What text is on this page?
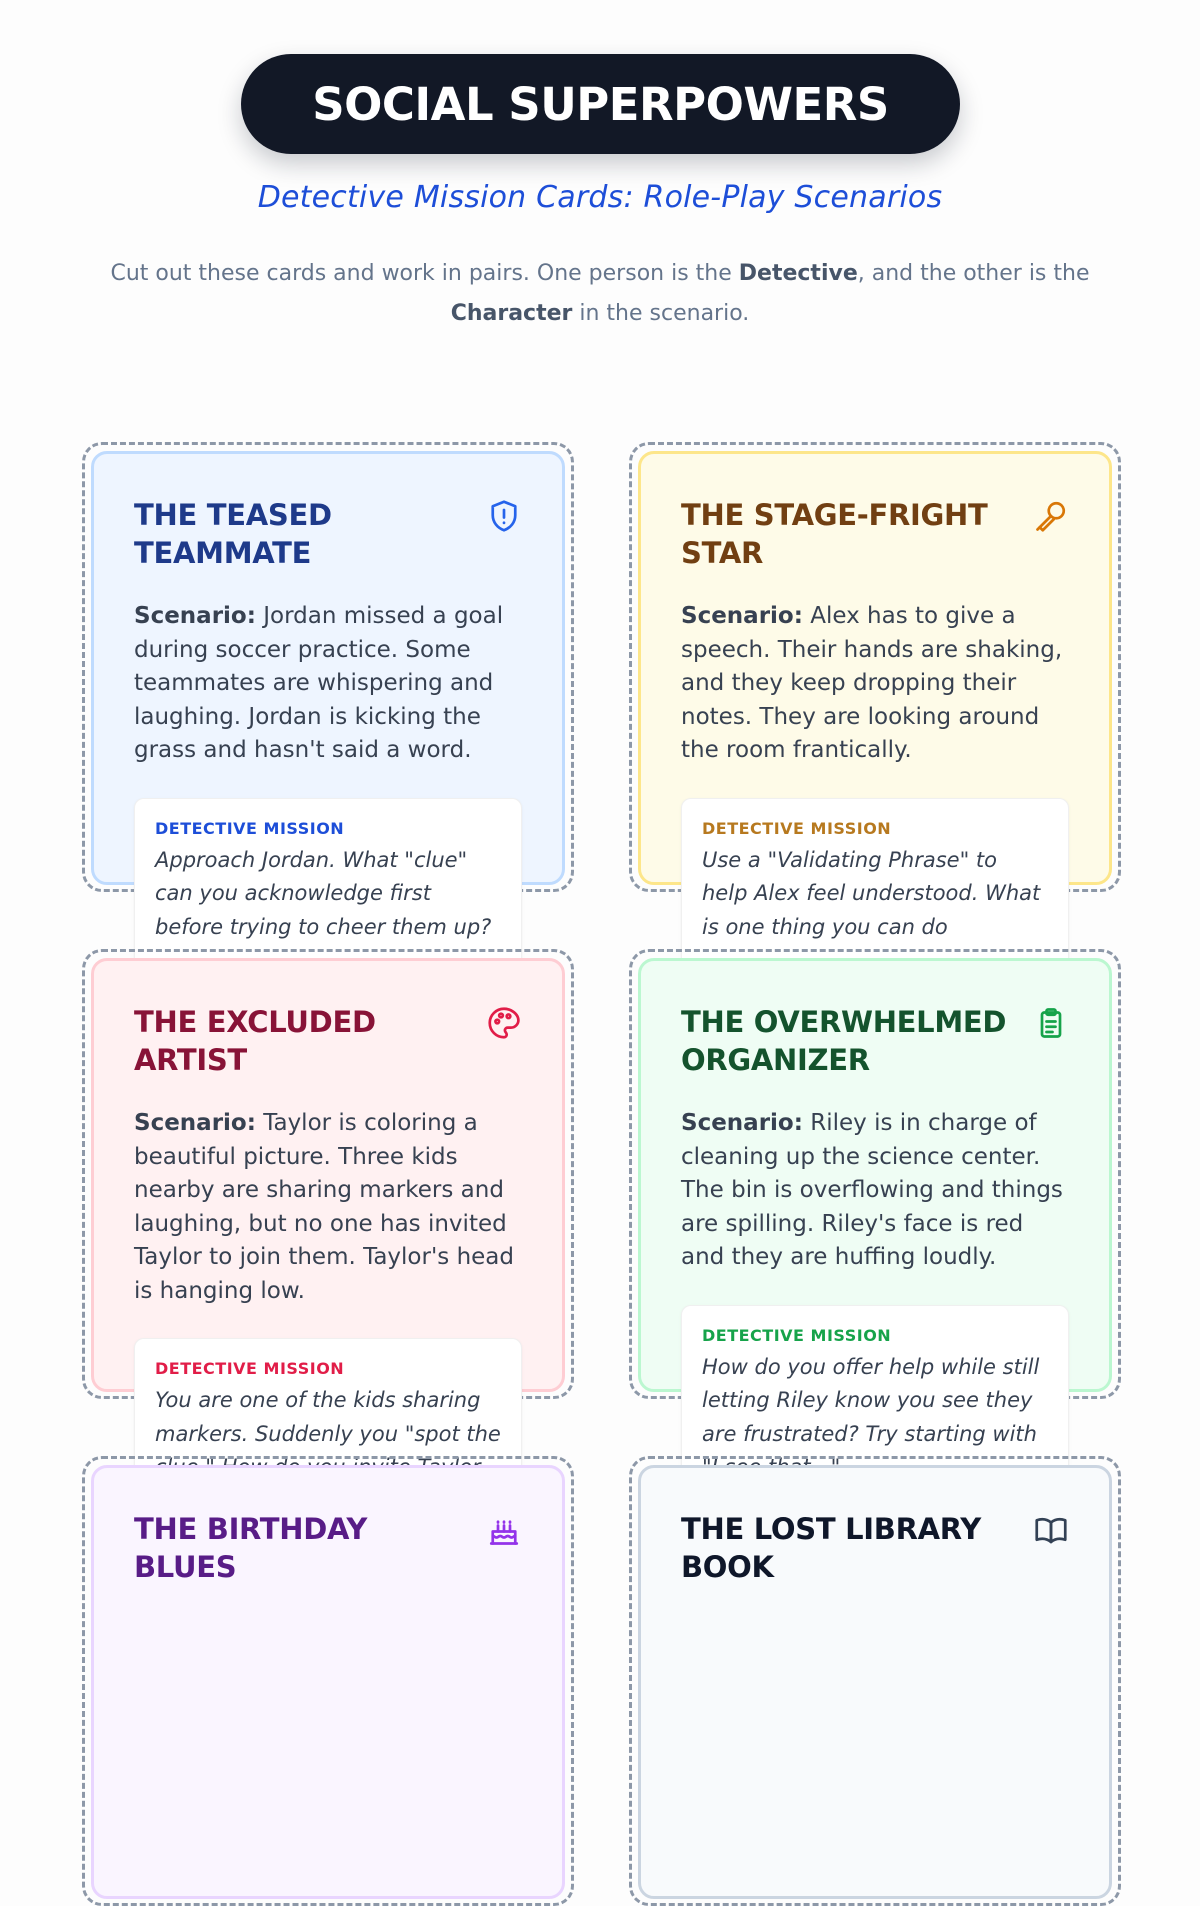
SOCIAL SUPERPOWERS
Detective Mission Cards: Role-Play Scenarios

Cut out these cards and work in pairs. One person is the Detective, and the other is the
Character in the scenario.

THE TEASED TEAMMATE

Scenario: Jordan missed a goal during soccer practice. Some teammates are whispering and laughing. Jordan is kicking the grass and hasn't said a word.

DETECTIVE MISSION

Approach Jordan. What "clue" can you acknowledge first before trying to cheer them up?

THE STAGE-FRIGHT STAR

Scenario: Alex has to give a speech. Their hands are shaking, and they keep dropping their notes. They are looking around the room frantically.

DETECTIVE MISSION

Use a "Validating Phrase" to help Alex feel understood. What is one thing you can do

THE EXCLUDED ARTIST

Scenario: Taylor is coloring a beautiful picture. Three kids nearby are sharing markers and laughing, but no one has invited Taylor to join them. Taylor's head is hanging low.

DETECTIVE MISSION

You are one of the kids sharing markers. Suddenly you "spot the

THE OVERWHELMED ORGANIZER

Scenario: Riley is in charge of cleaning up the science center. The bin is overflowing and things are spilling. Riley's face is red and they are huffing loudly.

DETECTIVE MISSION

How do you offer help while still letting Riley know you see they are frustrated? Try starting with

THE BIRTHDAY BLUES
THE LOST LIBRARY BOOK
